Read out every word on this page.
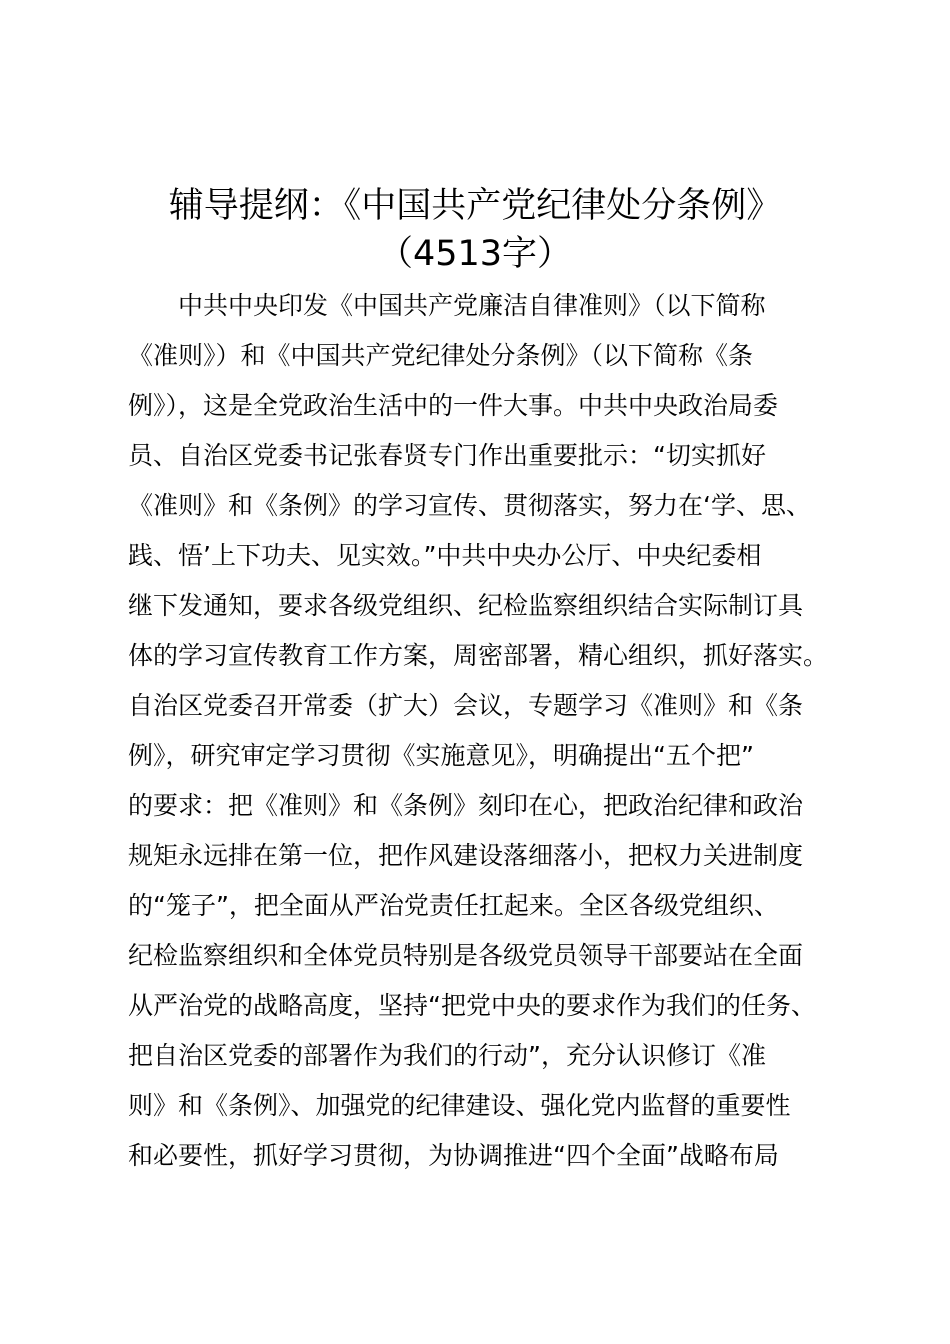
辅导提纲：《中国共产党纪律处分条例》
（4513字）
中共中央印发《中国共产党廉洁自律准则》（以下简称
《准则》）和《中国共产党纪律处分条例》（以下简称《条
例》），这是全党政治生活中的一件大事。中共中央政治局委
员、自治区党委书记张春贤专门作出重要批示：“切实抓好
《准则》和《条例》的学习宣传、贯彻落实，努力在‘学、思、
践、悟’上下功夫、见实效。”中共中央办公厅、中央纪委相
继下发通知，要求各级党组织、纪检监察组织结合实际制订具
体的学习宣传教育工作方案，周密部署，精心组织，抓好落实。
自治区党委召开常委（扩大）会议，专题学习《准则》和《条
例》，研究审定学习贯彻《实施意见》，明确提出“五个把”
的要求：把《准则》和《条例》刻印在心，把政治纪律和政治
规矩永远排在第一位，把作风建设落细落小，把权力关进制度
的“笼子”，把全面从严治党责任扛起来。全区各级党组织、
纪检监察组织和全体党员特别是各级党员领导干部要站在全面
从严治党的战略高度，坚持“把党中央的要求作为我们的任务、
把自治区党委的部署作为我们的行动”，充分认识修订《准
则》和《条例》、加强党的纪律建设、强化党内监督的重要性
和必要性，抓好学习贯彻，为协调推进“四个全面”战略布局
